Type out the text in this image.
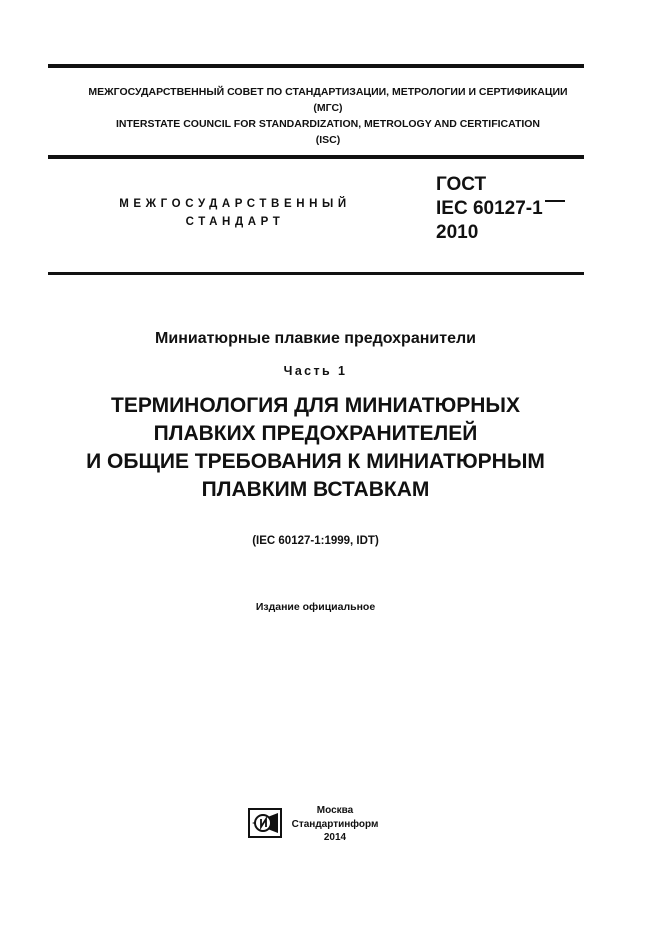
МЕЖГОСУДАРСТВЕННЫЙ СОВЕТ ПО СТАНДАРТИЗАЦИИ, МЕТРОЛОГИИ И СЕРТИФИКАЦИИ
(МГС)
INTERSTATE COUNCIL FOR STANDARDIZATION, METROLOGY AND CERTIFICATION
(ISC)
МЕЖГОСУДАРСТВЕННЫЙ
СТАНДАРТ
ГОСТ
IEC 60127-1
2010
Миниатюрные плавкие предохранители
Часть 1
ТЕРМИНОЛОГИЯ ДЛЯ МИНИАТЮРНЫХ
ПЛАВКИХ ПРЕДОХРАНИТЕЛЕЙ
И ОБЩИЕ ТРЕБОВАНИЯ К МИНИАТЮРНЫМ
ПЛАВКИМ ВСТАВКАМ
(IEC 60127-1:1999, IDT)
Издание официальное
Москва
Стандартинформ
2014
